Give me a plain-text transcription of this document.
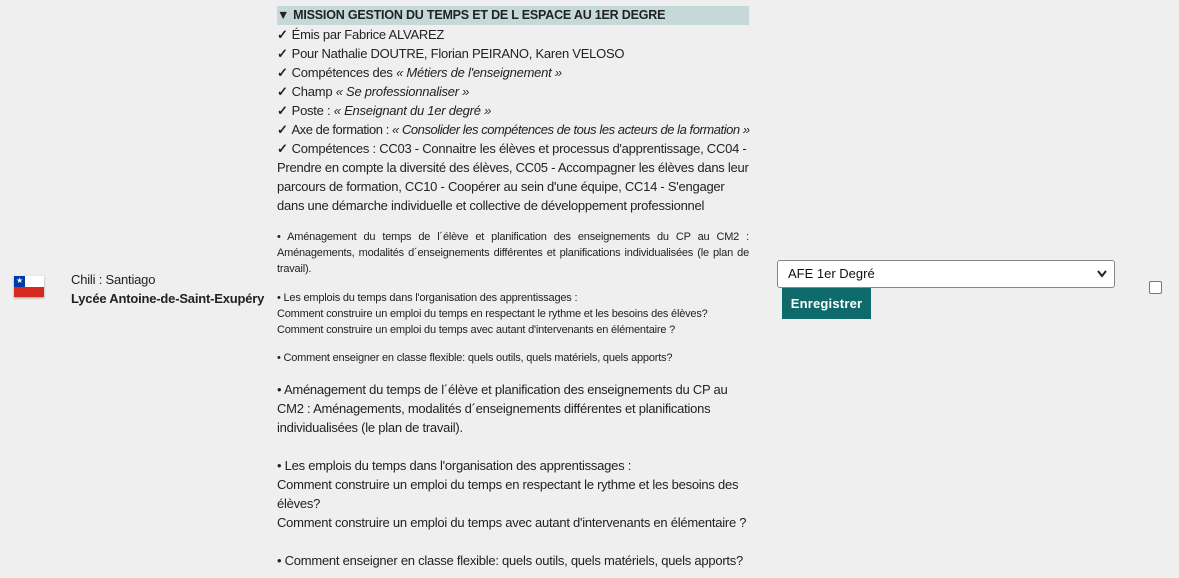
★	Chili : Santiago
Lycée Antoine-de-Saint-Exupéry
▼ MISSION GESTION DU TEMPS ET DE L ESPACE AU 1ER DEGRE
✓ Émis par Fabrice ALVAREZ
✓ Pour Nathalie DOUTRE, Florian PEIRANO, Karen VELOSO
✓ Compétences des « Métiers de l'enseignement »
✓ Champ « Se professionnaliser »
✓ Poste : « Enseignant du 1er degré »
✓ Axe de formation : « Consolider les compétences de tous les acteurs de la formation »
✓ Compétences : CC03 - Connaitre les élèves et processus d'apprentissage, CC04 - Prendre en compte la diversité des élèves, CC05 - Accompagner les élèves dans leur parcours de formation, CC10 - Coopérer au sein d'une équipe, CC14 - S'engager dans une démarche individuelle et collective de développement professionnel
• Aménagement du temps de l´élève et planification des enseignements du CP au CM2 : Aménagements, modalités d´enseignements différentes et planifications individualisées (le plan de travail).
• Les emplois du temps dans l'organisation des apprentissages :
Comment construire un emploi du temps en respectant le rythme et les besoins des élèves?
Comment construire un emploi du temps avec autant d'intervenants en élémentaire ?
• Comment enseigner en classe flexible: quels outils, quels matériels, quels apports?
• Aménagement du temps de l´élève et planification des enseignements du CP au CM2 : Aménagements, modalités d´enseignements différentes et planifications individualisées (le plan de travail).
• Les emplois du temps dans l'organisation des apprentissages :
Comment construire un emploi du temps en respectant le rythme et les besoins des élèves?
Comment construire un emploi du temps avec autant d'intervenants en élémentaire ?
• Comment enseigner en classe flexible: quels outils, quels matériels, quels apports?
AFE 1er Degré
Enregistrer
